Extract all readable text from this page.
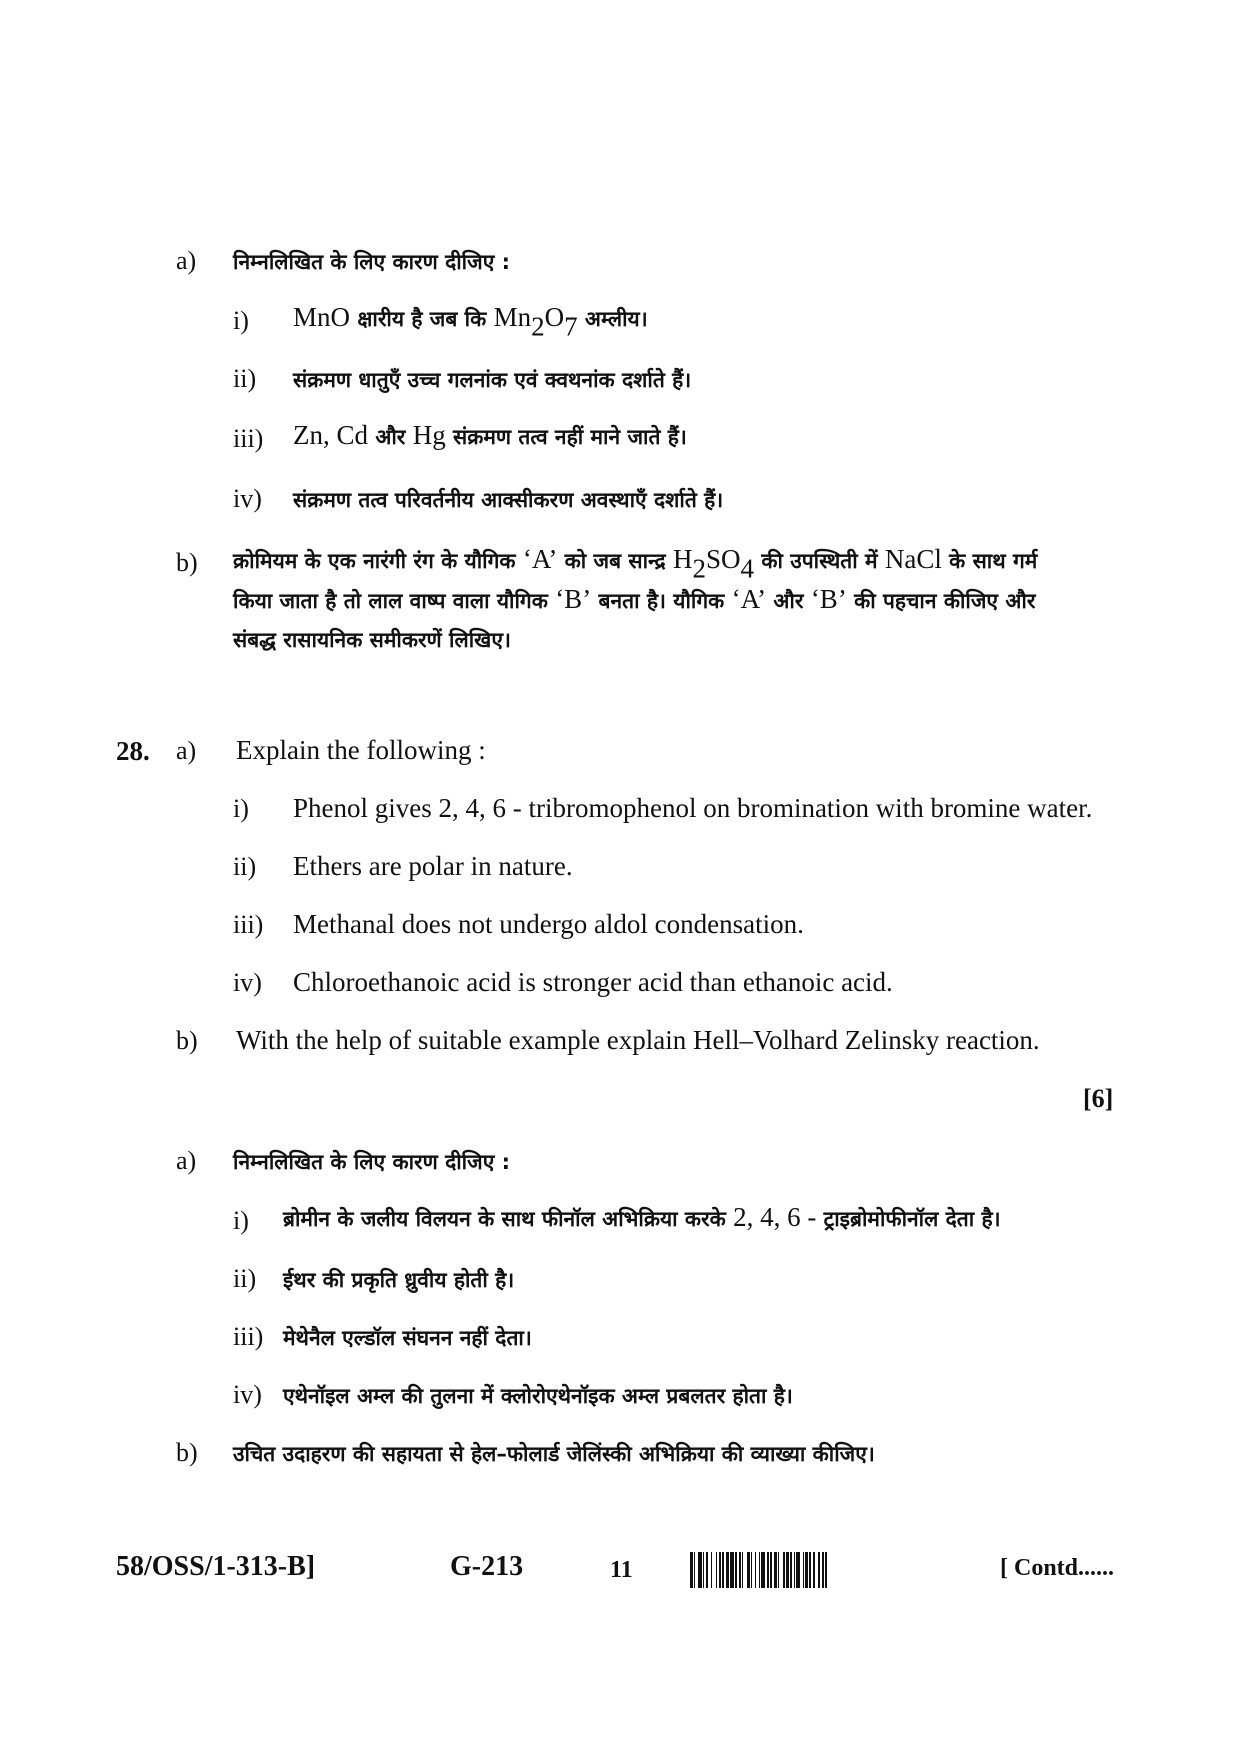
a) निम्नलिखित के लिए कारण दीजिए :
i) MnO क्षारीय है जब कि $Mn_2O_7$ अम्लीय।
ii) संक्रमण धातुएँ उच्च गलनांक एवं क्वथनांक दर्शाते हैं।
iii) Zn, Cd और Hg संक्रमण तत्व नहीं माने जाते हैं।
iv) संक्रमण तत्व परिवर्तनीय आक्सीकरण अवस्थाएँ दर्शाते हैं।
b) क्रोमियम के एक नारंगी रंग के यौगिक ‘A’ को जब सान्द्र $H_2SO_4$ की उपस्थिती में NaCl के साथ गर्म
किया जाता है तो लाल वाष्प वाला यौगिक ‘B’ बनता है। यौगिक ‘A’ और ‘B’ की पहचान कीजिए और
संबद्ध रासायनिक समीकरणें लिखिए।
28. a) Explain the following :
i) Phenol gives 2, 4, 6 - tribromophenol on bromination with bromine water.
ii) Ethers are polar in nature.
iii) Methanal does not undergo aldol condensation.
iv) Chloroethanoic acid is stronger acid than ethanoic acid.
b) With the help of suitable example explain Hell–Volhard Zelinsky reaction.
[6]
a) निम्नलिखित के लिए कारण दीजिए :
i) ब्रोमीन के जलीय विलयन के साथ फीनॉल अभिक्रिया करके 2, 4, 6 - ट्राइब्रोमोफीनॉल देता है।
ii) ईथर की प्रकृति ध्रुवीय होती है।
iii) मेथेनैल एल्डॉल संघनन नहीं देता।
iv) एथेनॉइल अम्ल की तुलना में क्लोरोएथेनॉइक अम्ल प्रबलतर होता है।
b) उचित उदाहरण की सहायता से हेल–फोलार्ड जेलिंस्की अभिक्रिया की व्याख्या कीजिए।
58/OSS/1-313-B]	G-213	11	[ Contd......
